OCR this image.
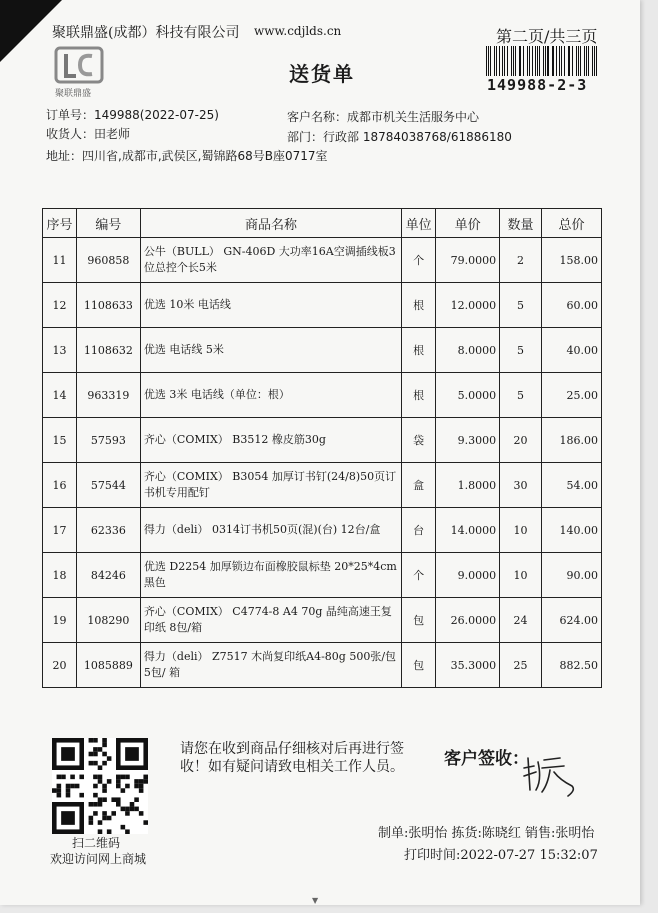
聚联鼎盛(成都）科技有限公司 www.cdjlds.cn	第二页/共三页
聚联鼎盛
送货单	149988-2-3
订单号：149988(2022-07-25)
收货人：田老师
地址：四川省,成都市,武侯区,蜀锦路68号B座0717室
客户名称：成都市机关生活服务中心
部门：行政部 18784038768/61886180
序号	编号	商品名称	单位	单价	数量	总价
11	960858	公牛（BULL） GN-406D 大功率16A空调插线板3位总控个长5米	个	79.0000	2	158.00
12	1108633	优选 10米 电话线	根	12.0000	5	60.00
13	1108632	优选 电话线 5米	根	8.0000	5	40.00
14	963319	优选 3米 电话线（单位：根）	根	5.0000	5	25.00
15	57593	齐心（COMIX） B3512 橡皮筋30g	袋	9.3000	20	186.00
16	57544	齐心（COMIX） B3054 加厚订书钉(24/8)50页订书机专用配钉	盒	1.8000	30	54.00
17	62336	得力（deli） 0314订书机50页(混)(台) 12台/盒	台	14.0000	10	140.00
18	84246	优选 D2254 加厚锁边布面橡胶鼠标垫 20*25*4cm黑色	个	9.0000	10	90.00
19	108290	齐心（COMIX） C4774-8 A4 70g 晶纯高速王复印纸 8包/箱	包	26.0000	24	624.00
20	1085889	得力（deli） Z7517 木尚复印纸A4-80g 500张/包5包/ 箱	包	35.3000	25	882.50
扫二维码
欢迎访问网上商城
请您在收到商品仔细核对后再进行签收！如有疑问请致电相关工作人员。	客户签收：
制单:张明怡 拣货:陈晓红 销售:张明怡
打印时间:2022-07-27 15:32:07
▼
